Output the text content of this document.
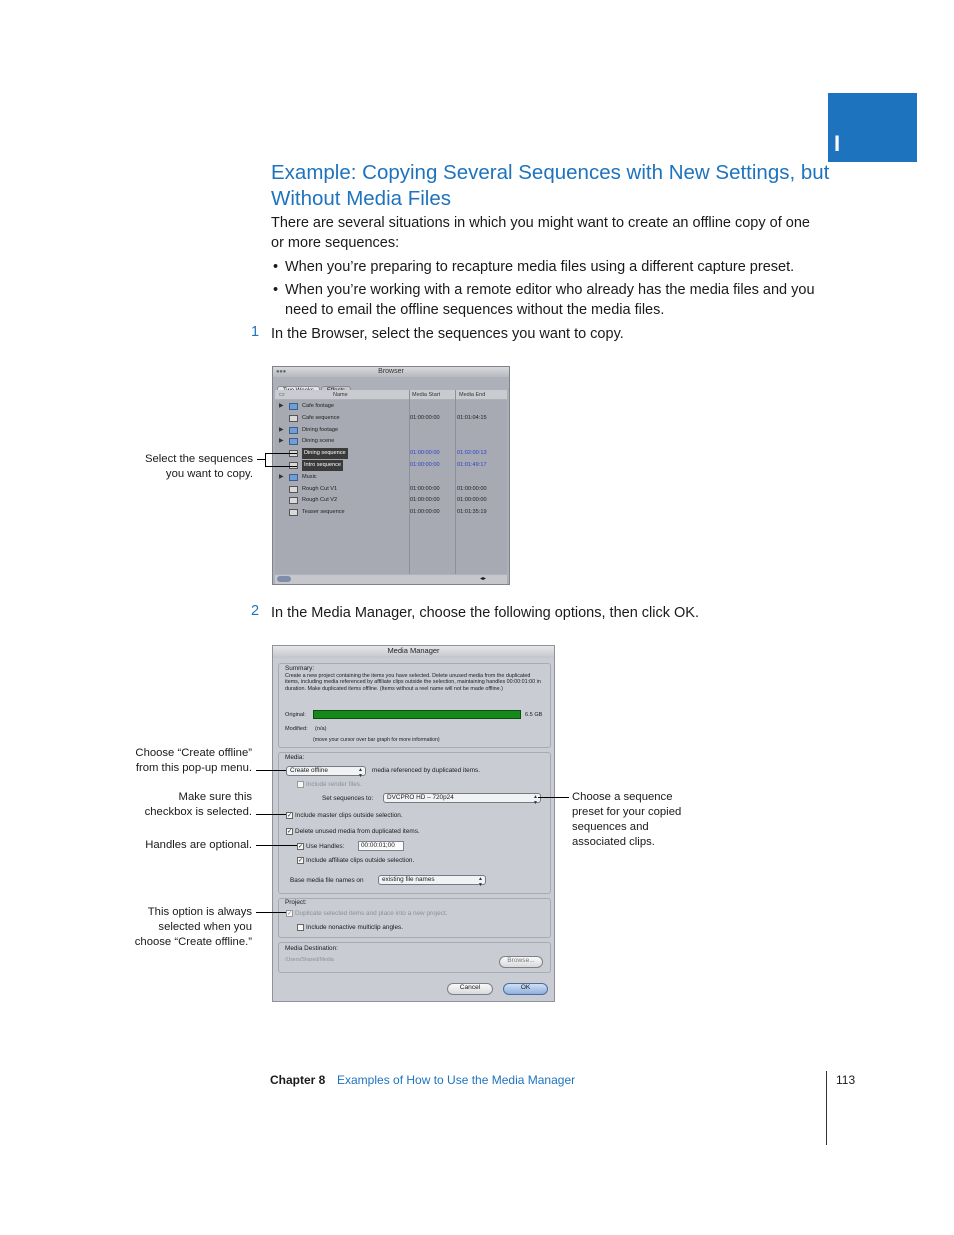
I
Example: Copying Several Sequences with New Settings, but Without Media Files
There are several situations in which you might want to create an offline copy of one or more sequences:
• When you’re preparing to recapture media files using a different capture preset.
• When you’re working with a remote editor who already has the media files and you need to email the offline sequences without the media files.
1 In the Browser, select the sequences you want to copy.
Browser
● ● ●
▭	Name	Media Start	Media End
▶	Cafe footage
Cafe sequence	01:00:00:00	01:01:04:15
▶	Dining footage
▶	Dining scene
Dining sequence	01:00:00:00	01:02:00:13
Intro sequence	01:00:00:00	01:01:49:17
▶	Music
Rough Cut V1	01:00:00:00	01:00:00:00
Rough Cut V2	01:00:00:00	01:00:00:00
Teaser sequence	01:00:00:00	01:01:35:19
◂▸
Select the sequences
you want to copy.
2 In the Media Manager, choose the following options, then click OK.
Media Manager
Summary:
Create a new project containing the items you have selected. Delete unused media from the duplicated items, including media referenced by affiliate clips outside the selection, maintaining handles 00:00:01:00 in duration. Make duplicated items offline. (Items without a reel name will not be made offline.)
Original:	6.5 GB
Modified: (n/a)
(move your cursor over bar graph for more information)
Media:
Create offline	▲
▼
media referenced by duplicated items.
Include render files.
Set sequences to:	DVCPRO HD – 720p24	▲
▼
✓ Include master clips outside selection.
✓ Delete unused media from duplicated items.
✓ Use Handles:	00:00:01;00
✓ Include affiliate clips outside selection.
Base media file names on	existing file names	▲
▼
Project:
✓ Duplicate selected items and place into a new project.
Include nonactive multiclip angles.
Media Destination:
/Users/Shared/Media	Browse...
Cancel	OK
Choose “Create offline”
from this pop-up menu.
Make sure this
checkbox is selected.
Handles are optional.
This option is always
selected when you
choose “Create offline.”
Choose a sequence
preset for your copied
sequences and
associated clips.
Chapter 8 Examples of How to Use the Media Manager	113
